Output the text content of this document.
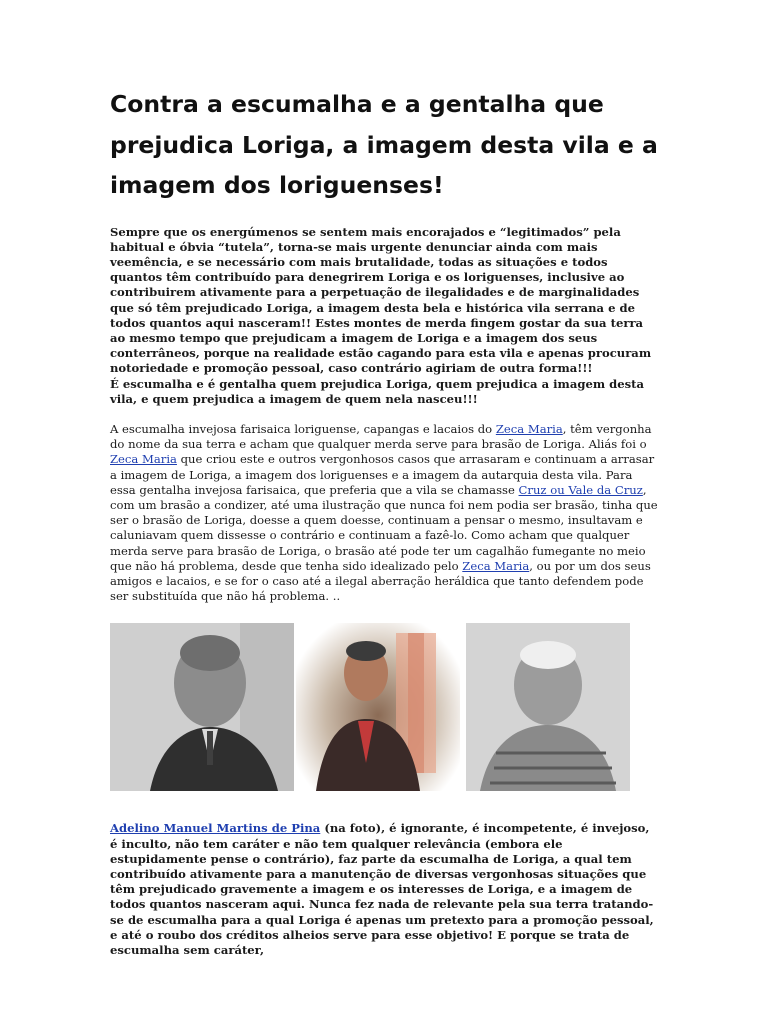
Contra a escumalha e a gentalha que prejudica Loriga, a imagem desta vila e a imagem dos loriguenses!

Sempre que os energúmenos se sentem mais encorajados e “legitimados” pela habitual e óbvia “tutela”, torna-se mais urgente denunciar ainda com mais veemência, e se necessário com mais brutalidade, todas as situações e todos quantos têm contribuído para denegrirem Loriga e os loriguenses, inclusive ao contribuirem ativamente para a perpetuação de ilegalidades e de marginalidades que só têm prejudicado Loriga, a imagem desta bela e histórica vila serrana e de todos quantos aqui nasceram!! Estes montes de merda fingem gostar da sua terra ao mesmo tempo que prejudicam a imagem de Loriga e a imagem dos seus conterrâneos, porque na realidade estão cagando para esta vila e apenas procuram notoriedade e promoção pessoal, caso contrário agiriam de outra forma!!!

É escumalha e é gentalha quem prejudica Loriga, quem prejudica a imagem desta vila, e quem prejudica a imagem de quem nela nasceu!!!

A escumalha invejosa farisaica loriguense, capangas e lacaios do Zeca Maria, têm vergonha do nome da sua terra e acham que qualquer merda serve para brasão de Loriga. Aliás foi o Zeca Maria que criou este e outros vergonhosos casos que arrasaram e continuam a arrasar a imagem de Loriga, a imagem dos loriguenses e a imagem da autarquia desta vila. Para essa gentalha invejosa farisaica, que preferia que a vila se chamasse Cruz ou Vale da Cruz, com um brasão a condizer, até uma ilustração que nunca foi nem podia ser brasão, tinha que ser o brasão de Loriga, doesse a quem doesse, continuam a pensar o mesmo, insultavam e caluniavam quem dissesse o contrário e continuam a fazê-lo. Como acham que qualquer merda serve para brasão de Loriga, o brasão até pode ter um cagalhão fumegante no meio que não há problema, desde que tenha sido idealizado pelo Zeca Maria, ou por um dos seus amigos e lacaios, e se for o caso até a ilegal aberração heráldica que tanto defendem pode ser substituída que não há problema. ..

Adelino Manuel Martins de Pina (na foto), é ignorante, é incompetente, é invejoso, é inculto, não tem caráter e não tem qualquer relevância (embora ele estupidamente pense o contrário), faz parte da escumalha de Loriga, a qual tem contribuído ativamente para a manutenção de diversas vergonhosas situações que têm prejudicado gravemente a imagem e os interesses de Loriga, e a imagem de todos quantos nasceram aqui. Nunca fez nada de relevante pela sua terra tratando-se de escumalha para a qual Loriga é apenas um pretexto para a promoção pessoal, e até o roubo dos créditos alheios serve para esse objetivo! E porque se trata de escumalha sem caráter,
